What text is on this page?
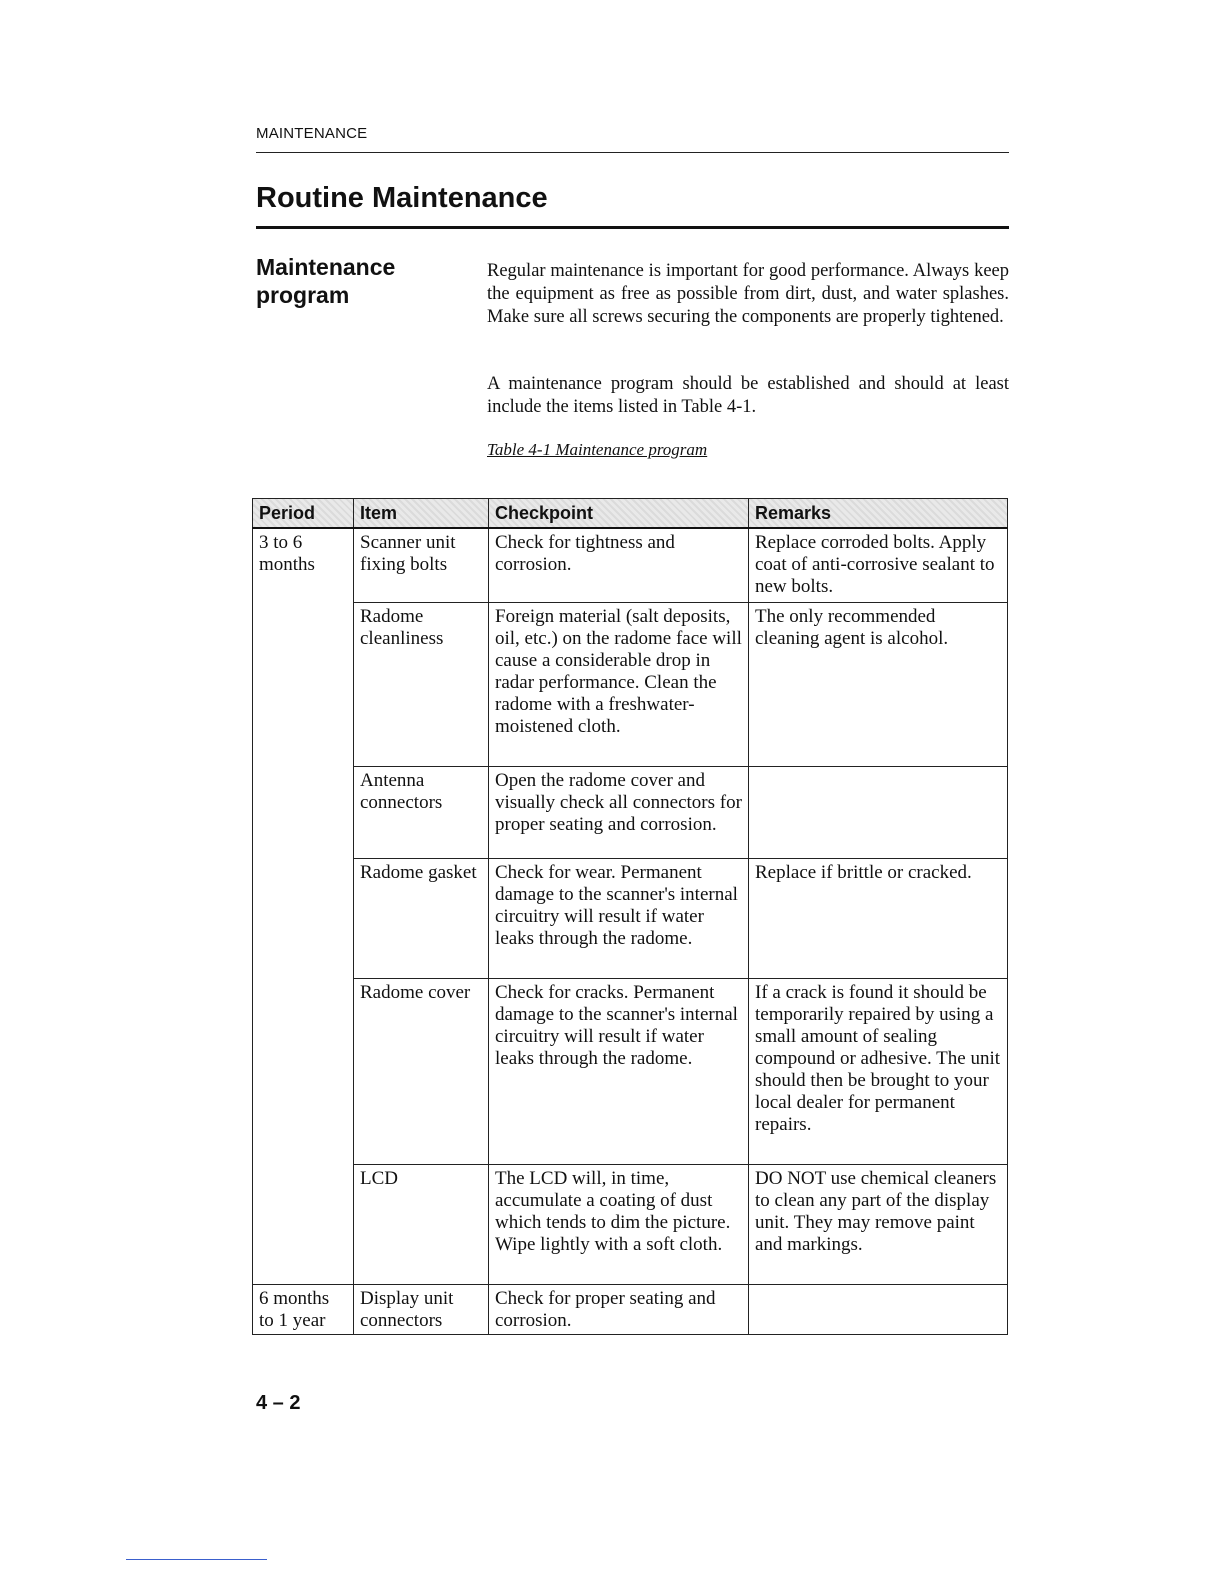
MAINTENANCE
Routine Maintenance
Maintenance
program

Regular maintenance is important for good performance. Always keep the equipment as free as possible from dirt, dust, and water splashes. Make sure all screws securing the components are properly tightened.

A maintenance program should be established and should at least include the items listed in Table 4-1.

Table 4-1 Maintenance program
Period	Item	Checkpoint	Remarks
3 to 6 months	Scanner unit fixing bolts	Check for tightness and corrosion.	Replace corroded bolts. Apply coat of anti-corrosive sealant to new bolts.
	Radome cleanliness	Foreign material (salt deposits, oil, etc.) on the radome face will cause a considerable drop in radar performance. Clean the radome with a freshwater-moistened cloth.	The only recommended cleaning agent is alcohol.
	Antenna connectors	Open the radome cover and visually check all connectors for proper seating and corrosion.	
	Radome gasket	Check for wear. Permanent damage to the scanner's internal circuitry will result if water leaks through the radome.	Replace if brittle or cracked.
	Radome cover	Check for cracks. Permanent damage to the scanner's internal circuitry will result if water leaks through the radome.	If a crack is found it should be temporarily repaired by using a small amount of sealing compound or adhesive. The unit should then be brought to your local dealer for permanent repairs.
	LCD	The LCD will, in time, accumulate a coating of dust which tends to dim the picture. Wipe lightly with a soft cloth.	DO NOT use chemical cleaners to clean any part of the display unit. They may remove paint and markings.
6 months to 1 year	Display unit connectors	Check for proper seating and corrosion.	
4 – 2
